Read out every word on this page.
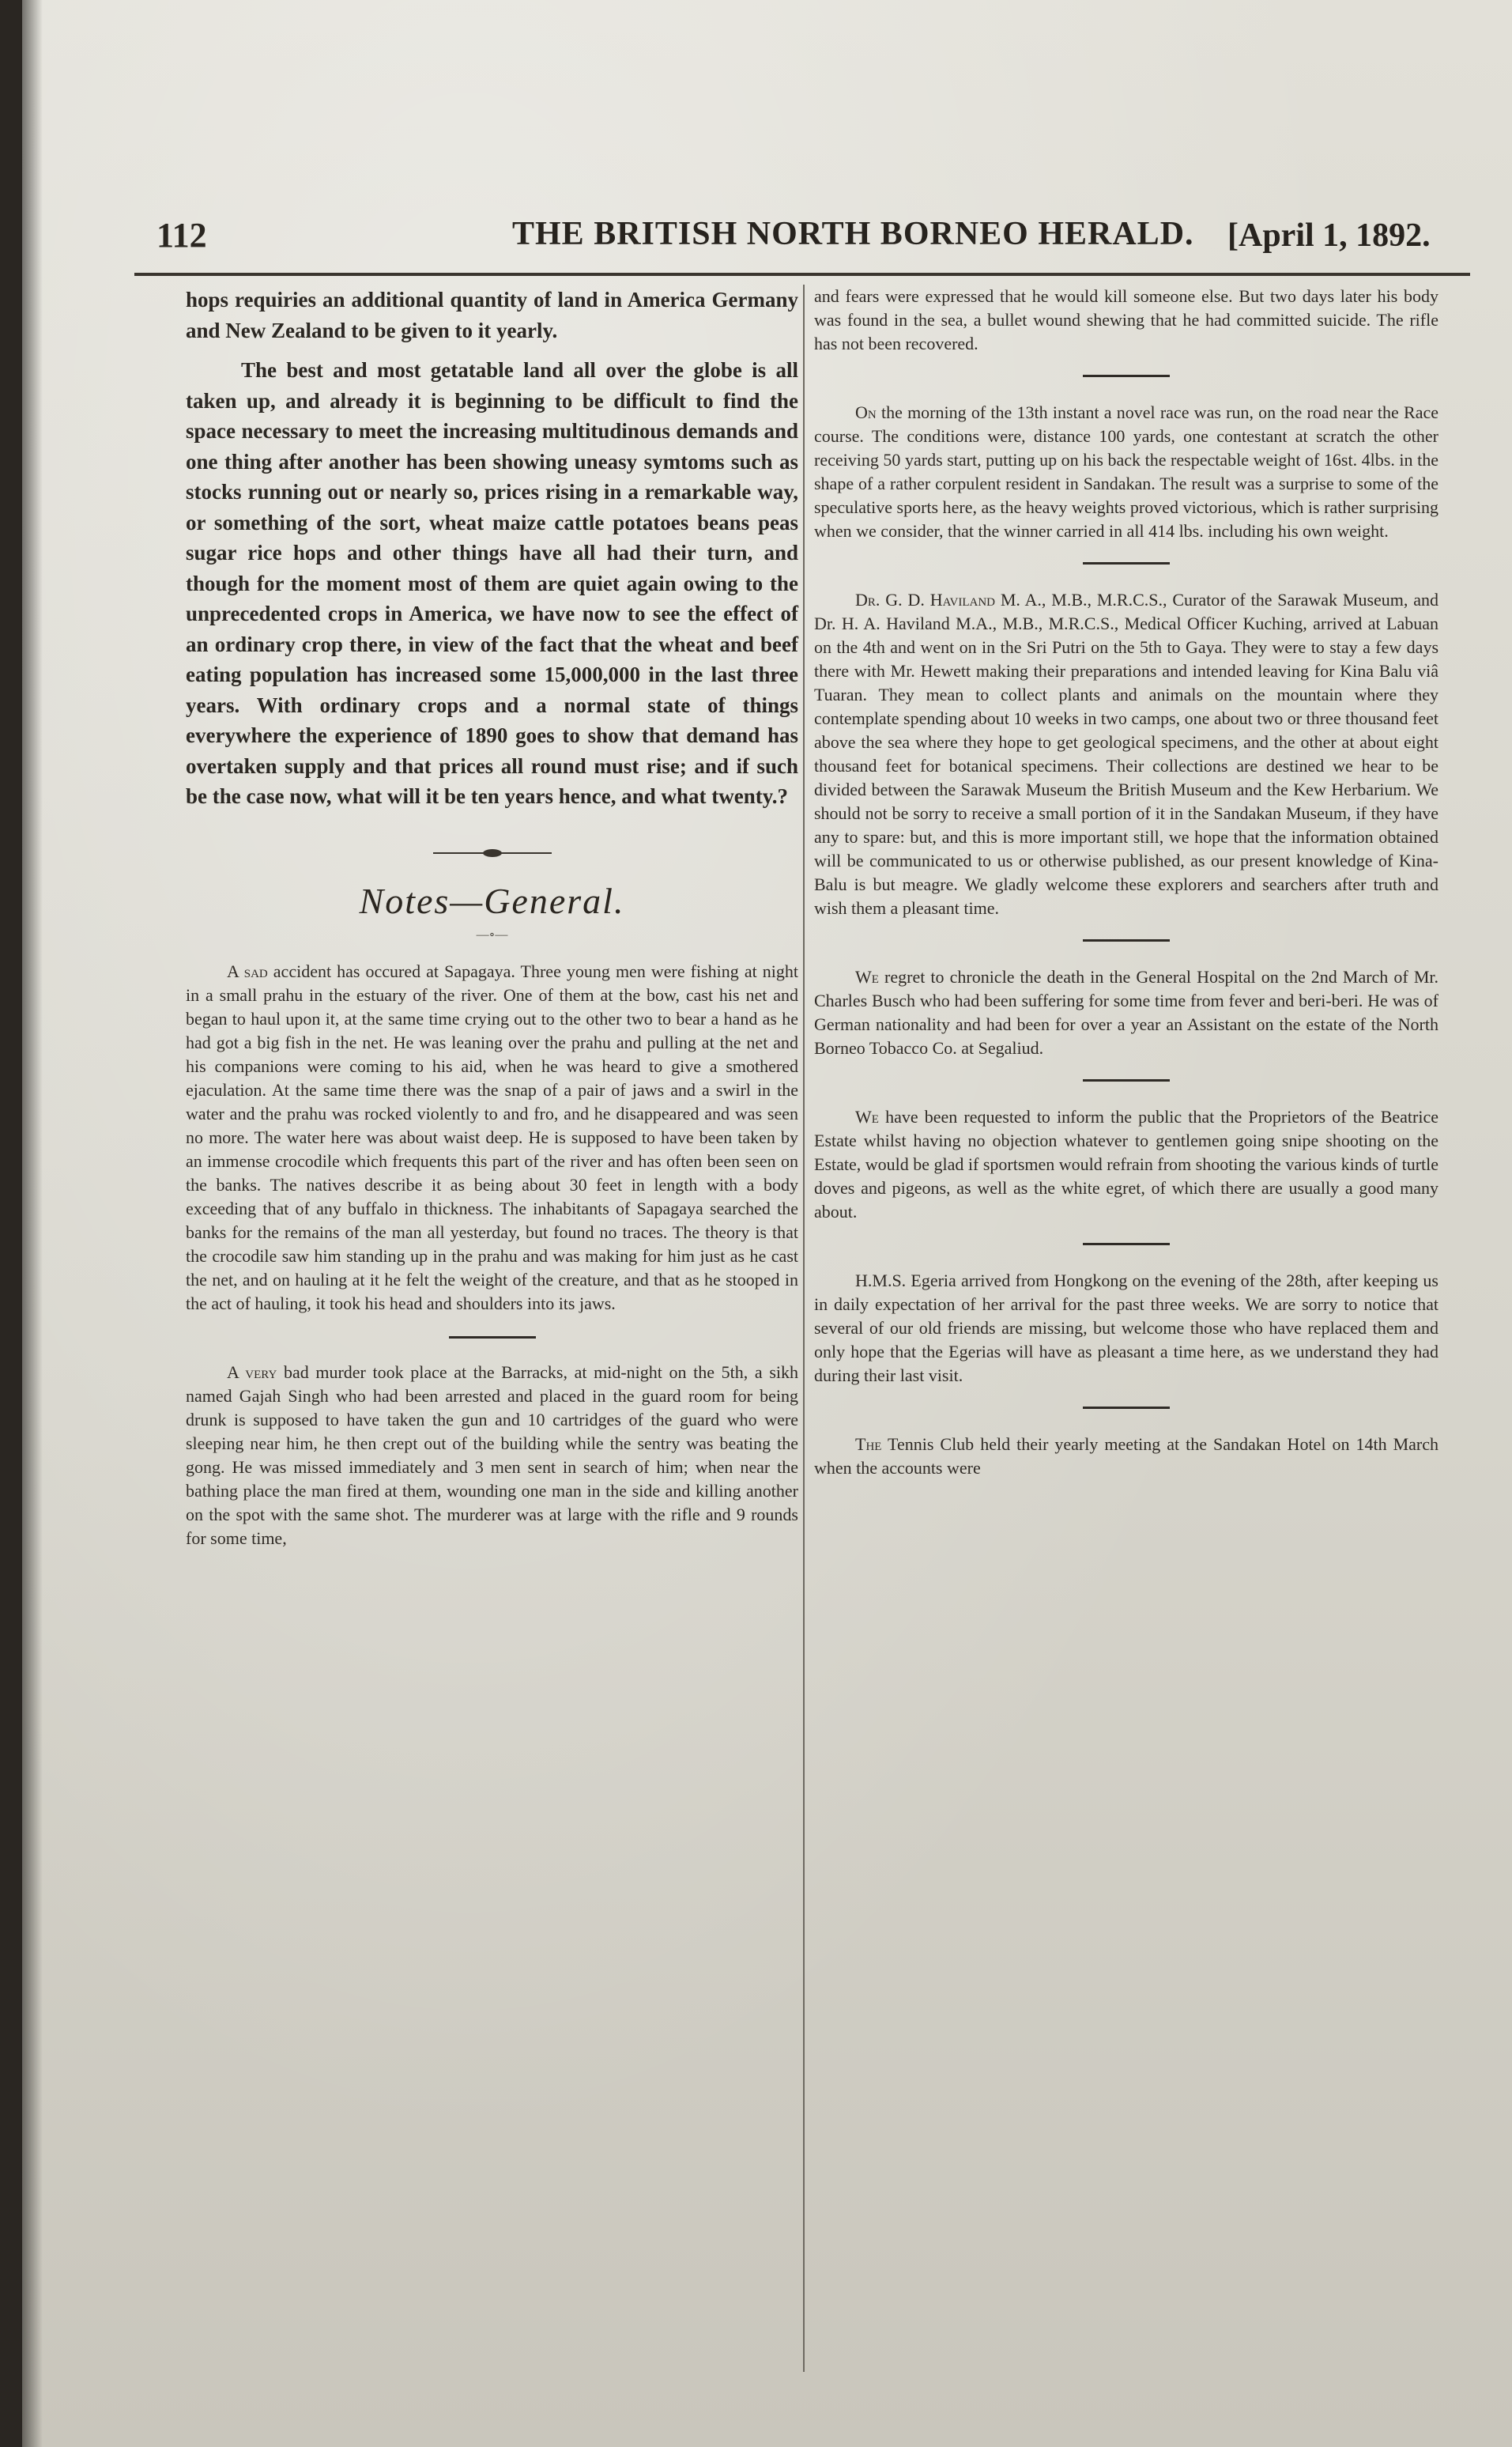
112	THE BRITISH NORTH BORNEO HERALD. [April 1, 1892.

hops requiries an additional quantity of land in America Germany and New Zealand to be given to it yearly.

The best and most getatable land all over the globe is all taken up, and already it is beginning to be difficult to find the space necessary to meet the increasing multitudinous demands and one thing after another has been showing uneasy symtoms such as stocks running out or nearly so, prices rising in a remarkable way, or something of the sort, wheat maize cattle potatoes beans peas sugar rice hops and other things have all had their turn, and though for the moment most of them are quiet again owing to the unprecedented crops in America, we have now to see the effect of an ordinary crop there, in view of the fact that the wheat and beef eating population has increased some 15,000,000 in the last three years. With ordinary crops and a normal state of things everywhere the experience of 1890 goes to show that demand has overtaken supply and that prices all round must rise; and if such be the case now, what will it be ten years hence, and what twenty.?

Notes—General.
—∘—

A sad accident has occured at Sapagaya. Three young men were fishing at night in a small prahu in the estuary of the river. One of them at the bow, cast his net and began to haul upon it, at the same time crying out to the other two to bear a hand as he had got a big fish in the net. He was leaning over the prahu and pulling at the net and his companions were coming to his aid, when he was heard to give a smothered ejaculation. At the same time there was the snap of a pair of jaws and a swirl in the water and the prahu was rocked violently to and fro, and he disappeared and was seen no more. The water here was about waist deep. He is supposed to have been taken by an immense crocodile which frequents this part of the river and has often been seen on the banks. The natives describe it as being about 30 feet in length with a body exceeding that of any buffalo in thickness. The inhabitants of Sapagaya searched the banks for the remains of the man all yesterday, but found no traces. The theory is that the crocodile saw him standing up in the prahu and was making for him just as he cast the net, and on hauling at it he felt the weight of the creature, and that as he stooped in the act of hauling, it took his head and shoulders into its jaws.

A very bad murder took place at the Barracks, at mid-night on the 5th, a sikh named Gajah Singh who had been arrested and placed in the guard room for being drunk is supposed to have taken the gun and 10 cartridges of the guard who were sleeping near him, he then crept out of the building while the sentry was beating the gong. He was missed immediately and 3 men sent in search of him; when near the bathing place the man fired at them, wounding one man in the side and killing another on the spot with the same shot. The murderer was at large with the rifle and 9 rounds for some time,

and fears were expressed that he would kill someone else. But two days later his body was found in the sea, a bullet wound shewing that he had committed suicide. The rifle has not been recovered.

On the morning of the 13th instant a novel race was run, on the road near the Race course. The conditions were, distance 100 yards, one contestant at scratch the other receiving 50 yards start, putting up on his back the respectable weight of 16st. 4lbs. in the shape of a rather corpulent resident in Sandakan. The result was a surprise to some of the speculative sports here, as the heavy weights proved victorious, which is rather surprising when we consider, that the winner carried in all 414 lbs. including his own weight.

Dr. G. D. Haviland M. A., M.B., M.R.C.S., Curator of the Sarawak Museum, and Dr. H. A. Haviland M.A., M.B., M.R.C.S., Medical Officer Kuching, arrived at Labuan on the 4th and went on in the Sri Putri on the 5th to Gaya. They were to stay a few days there with Mr. Hewett making their preparations and intended leaving for Kina Balu viâ Tuaran. They mean to collect plants and animals on the mountain where they contemplate spending about 10 weeks in two camps, one about two or three thousand feet above the sea where they hope to get geological specimens, and the other at about eight thousand feet for botanical specimens. Their collections are destined we hear to be divided between the Sarawak Museum the British Museum and the Kew Herbarium. We should not be sorry to receive a small portion of it in the Sandakan Museum, if they have any to spare: but, and this is more important still, we hope that the information obtained will be communicated to us or otherwise published, as our present knowledge of Kina-Balu is but meagre. We gladly welcome these explorers and searchers after truth and wish them a pleasant time.

We regret to chronicle the death in the General Hospital on the 2nd March of Mr. Charles Busch who had been suffering for some time from fever and beri-beri. He was of German nationality and had been for over a year an Assistant on the estate of the North Borneo Tobacco Co. at Segaliud.

We have been requested to inform the public that the Proprietors of the Beatrice Estate whilst having no objection whatever to gentlemen going snipe shooting on the Estate, would be glad if sportsmen would refrain from shooting the various kinds of turtle doves and pigeons, as well as the white egret, of which there are usually a good many about.

H.M.S. Egeria arrived from Hongkong on the evening of the 28th, after keeping us in daily expectation of her arrival for the past three weeks. We are sorry to notice that several of our old friends are missing, but welcome those who have replaced them and only hope that the Egerias will have as pleasant a time here, as we understand they had during their last visit.

The Tennis Club held their yearly meeting at the Sandakan Hotel on 14th March when the accounts were
